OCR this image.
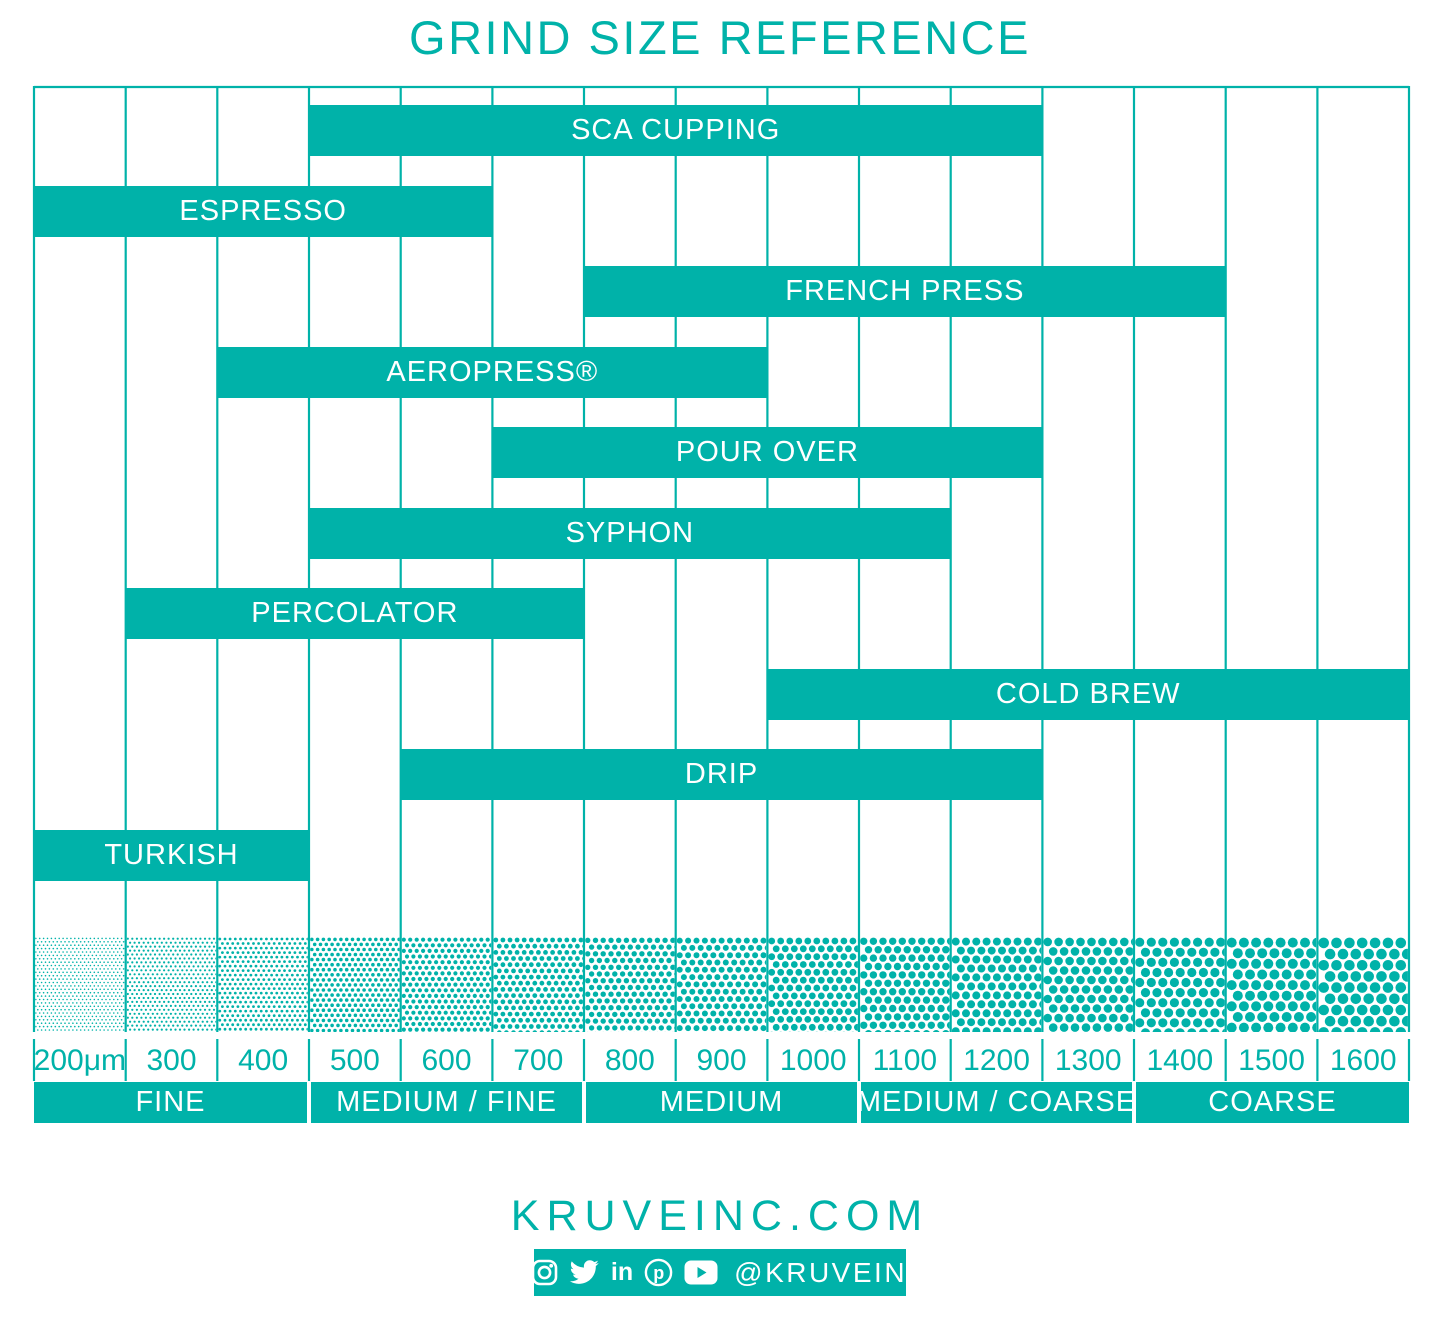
GRIND SIZE REFERENCE
SCA CUPPING
ESPRESSO
FRENCH PRESS
AEROPRESS®
POUR OVER
SYPHON
PERCOLATOR
COLD BREW
DRIP
TURKISH
200μm 300	400	500	600	700	800	900	1000 1100 1200 1300 1400 1500 1600
FINE	MEDIUM / FINE	MEDIUM	MEDIUM / COARSE COARSE
KRUVEINC.COM
f	in p @KRUVEINC
